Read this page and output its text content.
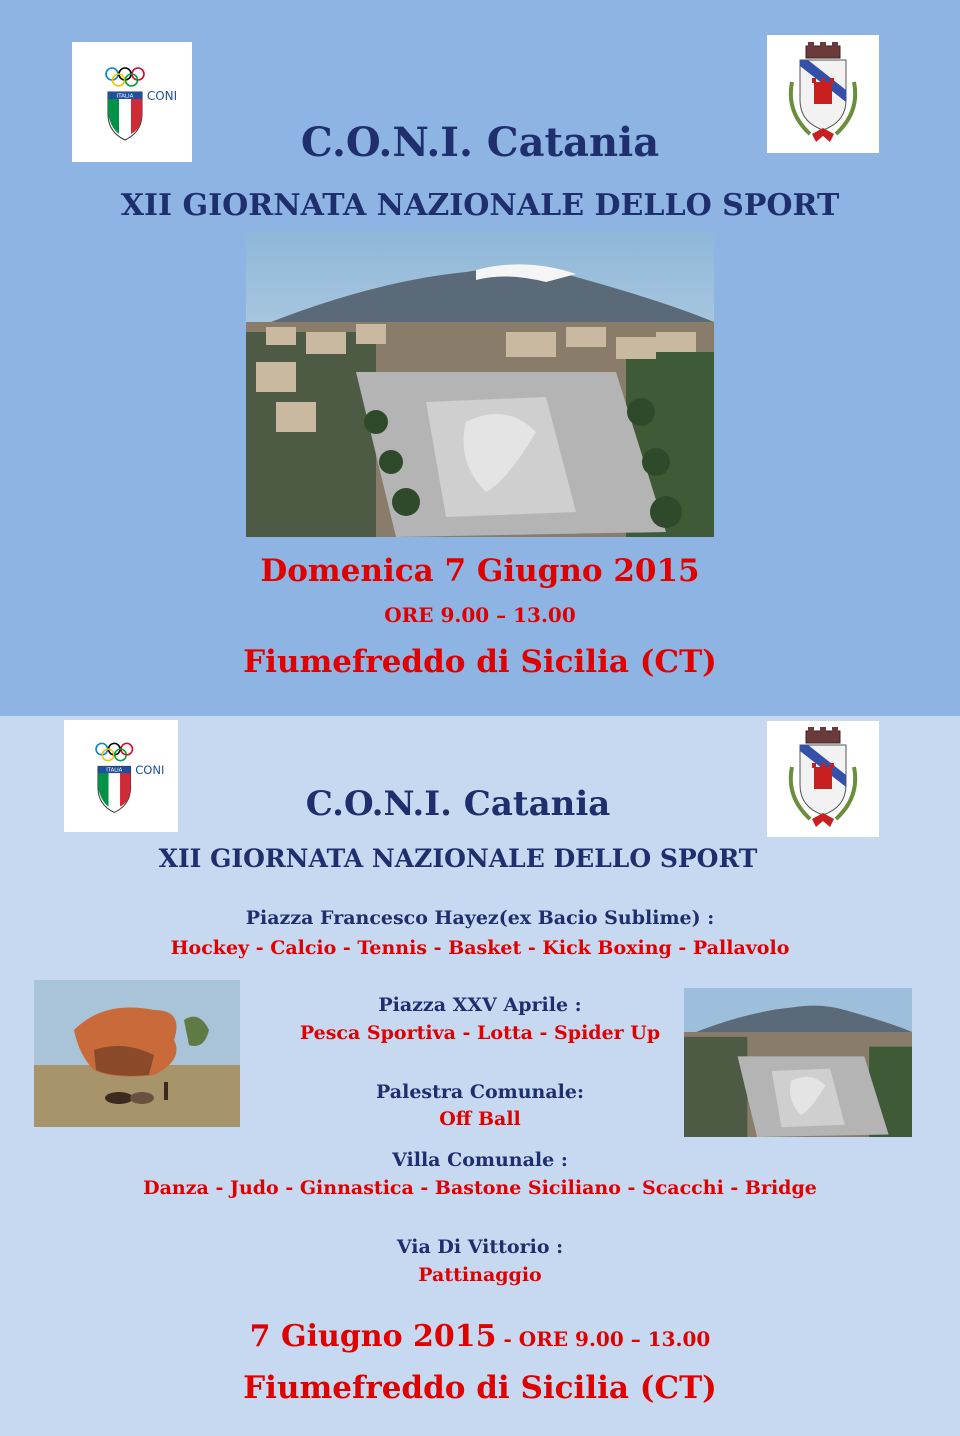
ITALIA CONI
C.O.N.I. Catania
XII GIORNATA NAZIONALE DELLO SPORT
Domenica 7 Giugno 2015
ORE 9.00 – 13.00
Fiumefreddo di Sicilia (CT)
ITALIA CONI
C.O.N.I. Catania
XII GIORNATA NAZIONALE DELLO SPORT
Piazza Francesco Hayez(ex Bacio Sublime) :
Hockey - Calcio - Tennis - Basket - Kick Boxing - Pallavolo
Piazza XXV Aprile :
Pesca Sportiva - Lotta - Spider Up
Palestra Comunale:
Off Ball
Villa Comunale :
Danza - Judo - Ginnastica - Bastone Siciliano - Scacchi - Bridge
Via Di Vittorio :
Pattinaggio
7 Giugno 2015 - ORE 9.00 – 13.00
Fiumefreddo di Sicilia (CT)
